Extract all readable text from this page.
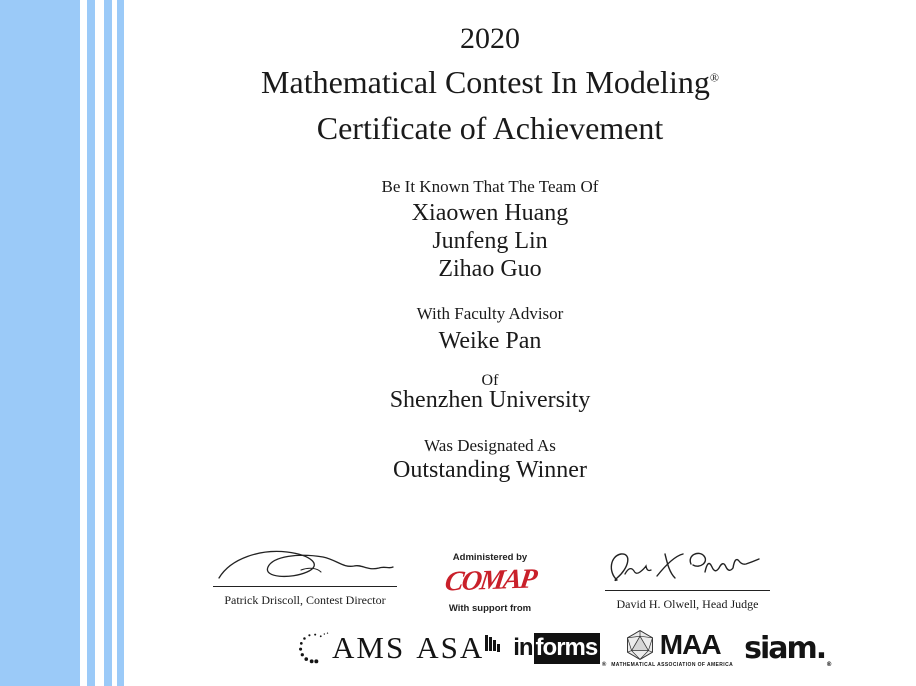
2020
Mathematical Contest In Modeling®
Certificate of Achievement
Be It Known That The Team Of
Xiaowen Huang
Junfeng Lin
Zihao Guo
With Faculty Advisor
Weike Pan
Of
Shenzhen University
Was Designated As
Outstanding Winner
Patrick Driscoll, Contest Director
Administered by
COMAP
With support from	David H. Olwell, Head Judge
AMS ASA in forms
®
MAA
MATHEMATICAL ASSOCIATION OF AMERICA siam. ®
